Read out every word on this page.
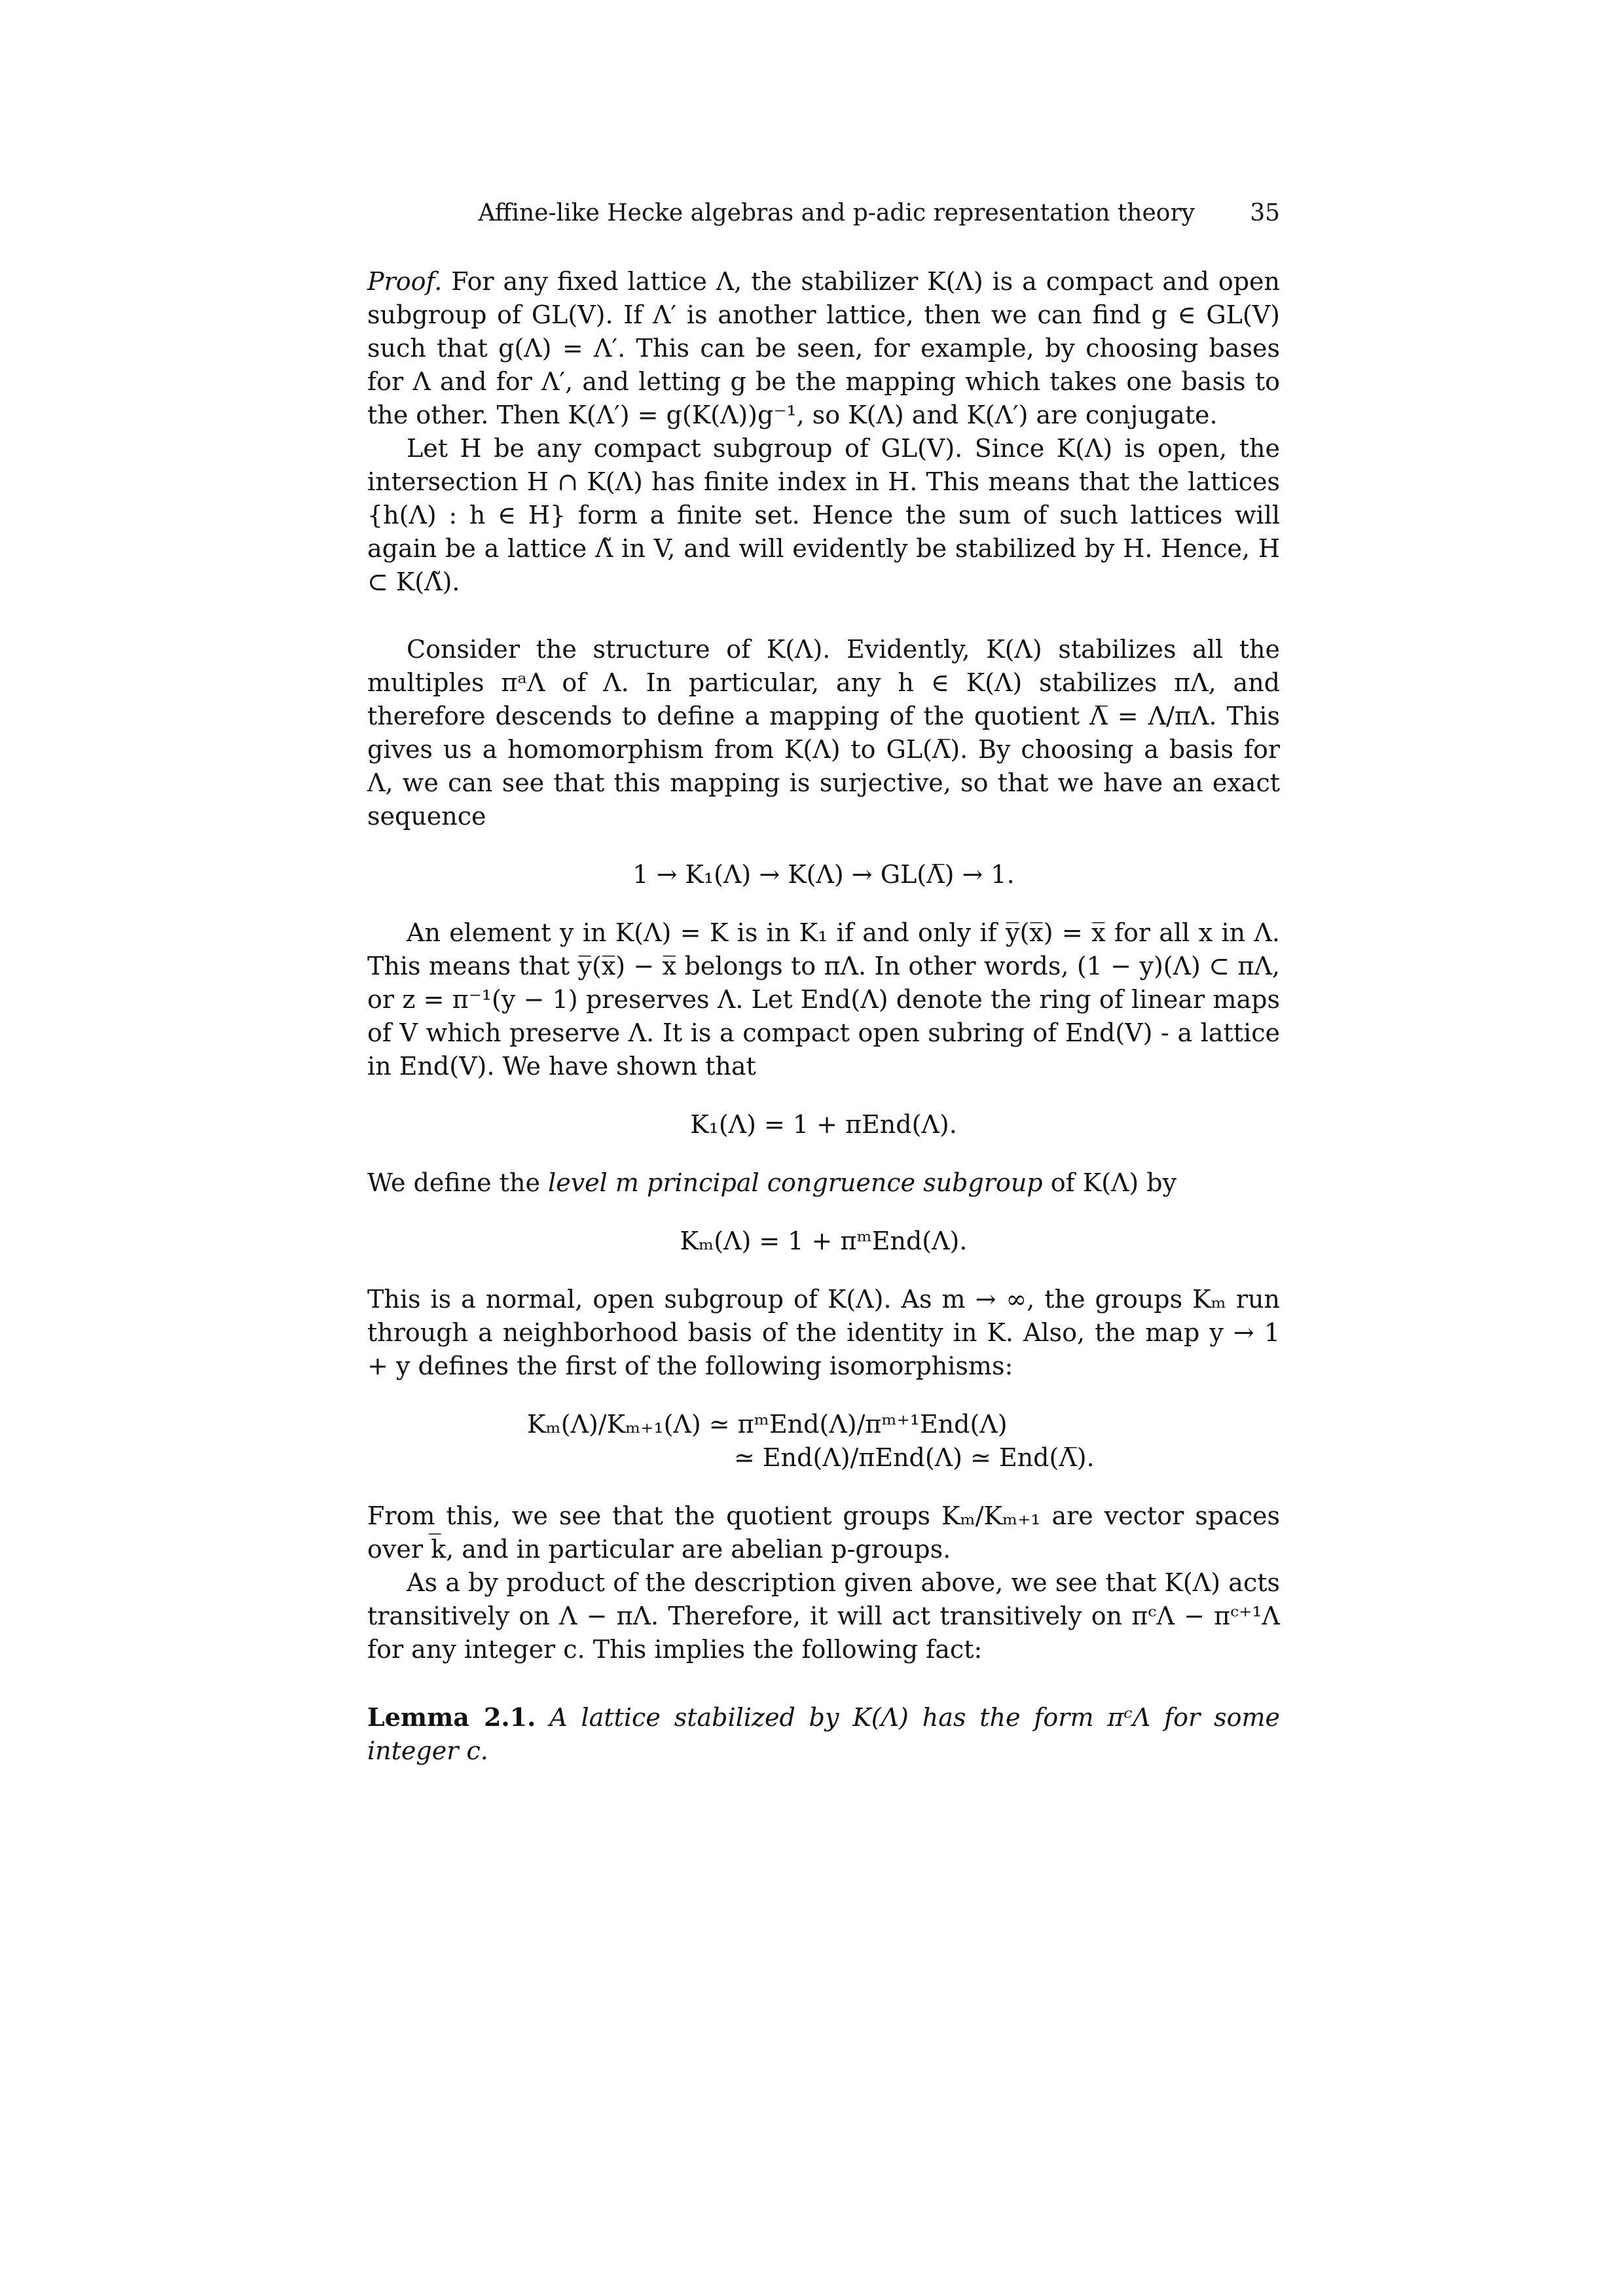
Affine-like Hecke algebras and p-adic representation theory 35

Proof. For any fixed lattice Λ, the stabilizer K(Λ) is a compact and open subgroup of GL(V). If Λ′ is another lattice, then we can find g ∈ GL(V) such that g(Λ) = Λ′. This can be seen, for example, by choosing bases for Λ and for Λ′, and letting g be the mapping which takes one basis to the other. Then K(Λ′) = g(K(Λ))g⁻¹, so K(Λ) and K(Λ′) are conjugate.

Let H be any compact subgroup of GL(V). Since K(Λ) is open, the intersection H ∩ K(Λ) has finite index in H. This means that the lattices {h(Λ) : h ∈ H} form a finite set. Hence the sum of such lattices will again be a lattice Λ̃ in V, and will evidently be stabilized by H. Hence, H ⊂ K(Λ̃).

Consider the structure of K(Λ). Evidently, K(Λ) stabilizes all the multiples πᵃΛ of Λ. In particular, any h ∈ K(Λ) stabilizes πΛ, and therefore descends to define a mapping of the quotient Λ̅ = Λ/πΛ. This gives us a homomorphism from K(Λ) to GL(Λ̅). By choosing a basis for Λ, we can see that this mapping is surjective, so that we have an exact sequence

1 → K₁(Λ) → K(Λ) → GL(Λ̅) → 1.

An element y in K(Λ) = K is in K₁ if and only if y̅(x̅) = x̅ for all x in Λ. This means that y̅(x̅) − x̅ belongs to πΛ. In other words, (1 − y)(Λ) ⊂ πΛ, or z = π⁻¹(y − 1) preserves Λ. Let End(Λ) denote the ring of linear maps of V which preserve Λ. It is a compact open subring of End(V) - a lattice in End(V). We have shown that

K₁(Λ) = 1 + πEnd(Λ).

We define the level m principal congruence subgroup of K(Λ) by

Kₘ(Λ) = 1 + πᵐEnd(Λ).

This is a normal, open subgroup of K(Λ). As m → ∞, the groups Kₘ run through a neighborhood basis of the identity in K. Also, the map y → 1 + y defines the first of the following isomorphisms:

Kₘ(Λ)/Kₘ₊₁(Λ) ≃ πᵐEnd(Λ)/πᵐ⁺¹End(Λ)
≃ End(Λ)/πEnd(Λ) ≃ End(Λ̅).

From this, we see that the quotient groups Kₘ/Kₘ₊₁ are vector spaces over k̅, and in particular are abelian p-groups.

As a by product of the description given above, we see that K(Λ) acts transitively on Λ − πΛ. Therefore, it will act transitively on πᶜΛ − πᶜ⁺¹Λ for any integer c. This implies the following fact:

Lemma 2.1. A lattice stabilized by K(Λ) has the form πᶜΛ for some integer c.
